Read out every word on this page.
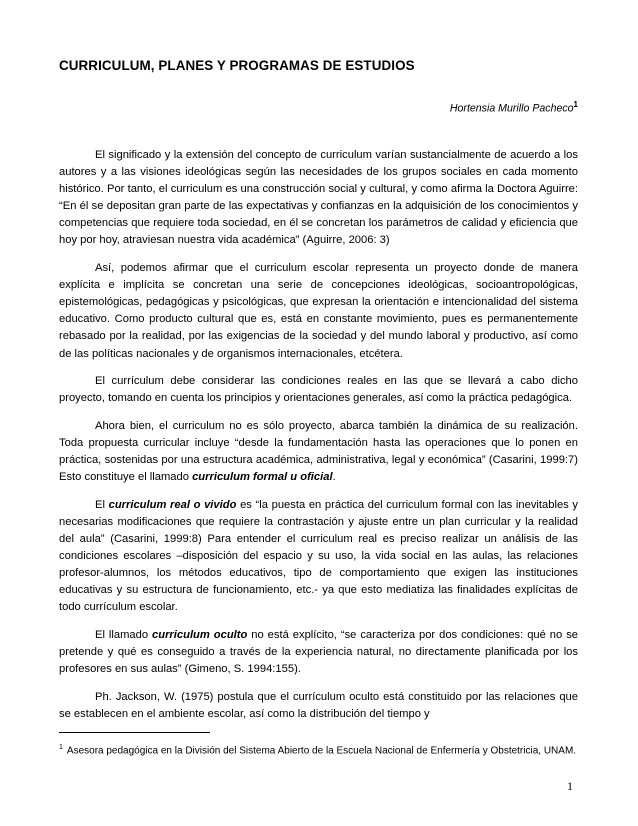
CURRICULUM, PLANES Y PROGRAMAS DE ESTUDIOS
Hortensia Murillo Pacheco$^1$

El significado y la extensión del concepto de curriculum varían sustancialmente de acuerdo a los autores y a las visiones ideológicas según las necesidades de los grupos sociales en cada momento histórico. Por tanto, el curriculum es una construcción social y cultural, y como afirma la Doctora Aguirre: “En él se depositan gran parte de las expectativas y confianzas en la adquisición de los conocimientos y competencias que requiere toda sociedad, en él se concretan los parámetros de calidad y eficiencia que hoy por hoy, atraviesan nuestra vida académica” (Aguirre, 2006: 3)

Así, podemos afirmar que el curriculum escolar representa un proyecto donde de manera explícita e implícita se concretan una serie de concepciones ideológicas, socioantropológicas, epistemológicas, pedagógicas y psicológicas, que expresan la orientación e intencionalidad del sistema educativo. Como producto cultural que es, está en constante movimiento, pues es permanentemente rebasado por la realidad, por las exigencias de la sociedad y del mundo laboral y productivo, así como de las políticas nacionales y de organismos internacionales, etcétera.

El currículum debe considerar las condiciones reales en las que se llevará a cabo dicho proyecto, tomando en cuenta los principios y orientaciones generales, así como la práctica pedagógica.

Ahora bien, el curriculum no es sólo proyecto, abarca también la dinámica de su realización. Toda propuesta curricular incluye “desde la fundamentación hasta las operaciones que lo ponen en práctica, sostenidas por una estructura académica, administrativa, legal y económica” (Casarini, 1999:7) Esto constituye el llamado curriculum formal u oficial.

El curriculum real o vivido es “la puesta en práctica del curriculum formal con las inevitables y necesarias modificaciones que requiere la contrastación y ajuste entre un plan curricular y la realidad del aula” (Casarini, 1999:8) Para entender el curriculum real es preciso realizar un análisis de las condiciones escolares –disposición del espacio y su uso, la vida social en las aulas, las relaciones profesor-alumnos, los métodos educativos, tipo de comportamiento que exigen las instituciones educativas y su estructura de funcionamiento, etc.- ya que esto mediatiza las finalidades explícitas de todo currículum escolar.

El llamado curriculum oculto no está explícito, “se caracteriza por dos condiciones: qué no se pretende y qué es conseguido a través de la experiencia natural, no directamente planificada por los profesores en sus aulas” (Gimeno, S. 1994:155).

Ph. Jackson, W. (1975) postula que el currículum oculto está constituido por las relaciones que se establecen en el ambiente escolar, así como la distribución del tiempo y

$^1$ Asesora pedagógica en la División del Sistema Abierto de la Escuela Nacional de Enfermería y Obstetricia, UNAM.
1
